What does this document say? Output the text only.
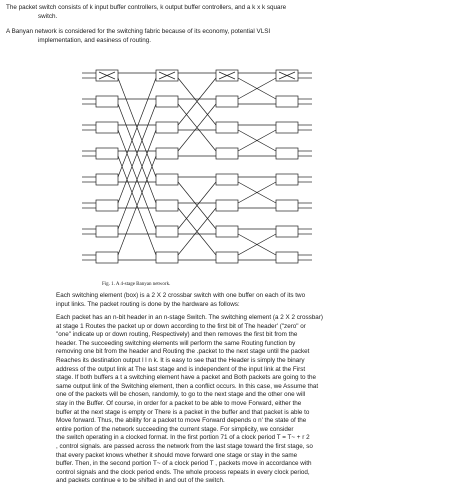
The packet switch consists of k input buffer controllers, k output buffer controllers, and a k x k square

switch.

A Banyan network is considered for the switching fabric because of its economy, potential VLSI

implementation, and easiness of routing.

Fig. 1. A 4-stage Banyan network.

Each switching element (box) is a 2 X 2 crossbar switch with one buffer on each of its two

input links. The packet routing is done by the hardware as follows:

Each packet has an n-bit header in an n-stage Switch. The switching element (a 2 X 2 crossbar)

at stage 1 Routes the packet up or down according to the first bit of The header' ("zero" or

"one" indicate up or down routing, Respectively) and then removes the first bit from the

header. The succeeding switching elements will perform the same Routing function by

removing one bit from the header and Routing the .packet to the next stage until the packet

Reaches its destination output l l n k. It is easy to see that the Header is simply the binary

address of the output link at The last stage and is independent of the input link at the First

stage. If both buffers a t a switching element have a packet and Both packets are going to the

same output link of the Switching element, then a conflict occurs. In this case, we Assume that

one of the packets will be chosen, randomly, to go to the next stage and the other one will

stay in the Buffer. Of course, in order for a packet to be able to move Forward, either the

buffer at the next stage is empty or There is a packet in the buffer and that packet is able to

Move forward. Thus, the ability for a packet to move Forward depends o n' the state of the

entire portion of the network succeeding the current stage. For simplicity, we consider

the switch operating in a clocked format. In the first portion 71 of a clock period T = T~ + r 2

, control signals. are passed across the network from the last stage toward the first stage, so

that every packet knows whether it should move forward one stage or stay in the same

buffer. Then, in the second portion T~ of a clock period T , packets move in accordance with

control signals and the clock period ends. The whole process repeats in every clock period,

and packets continue e to be shifted in and out of the switch.
